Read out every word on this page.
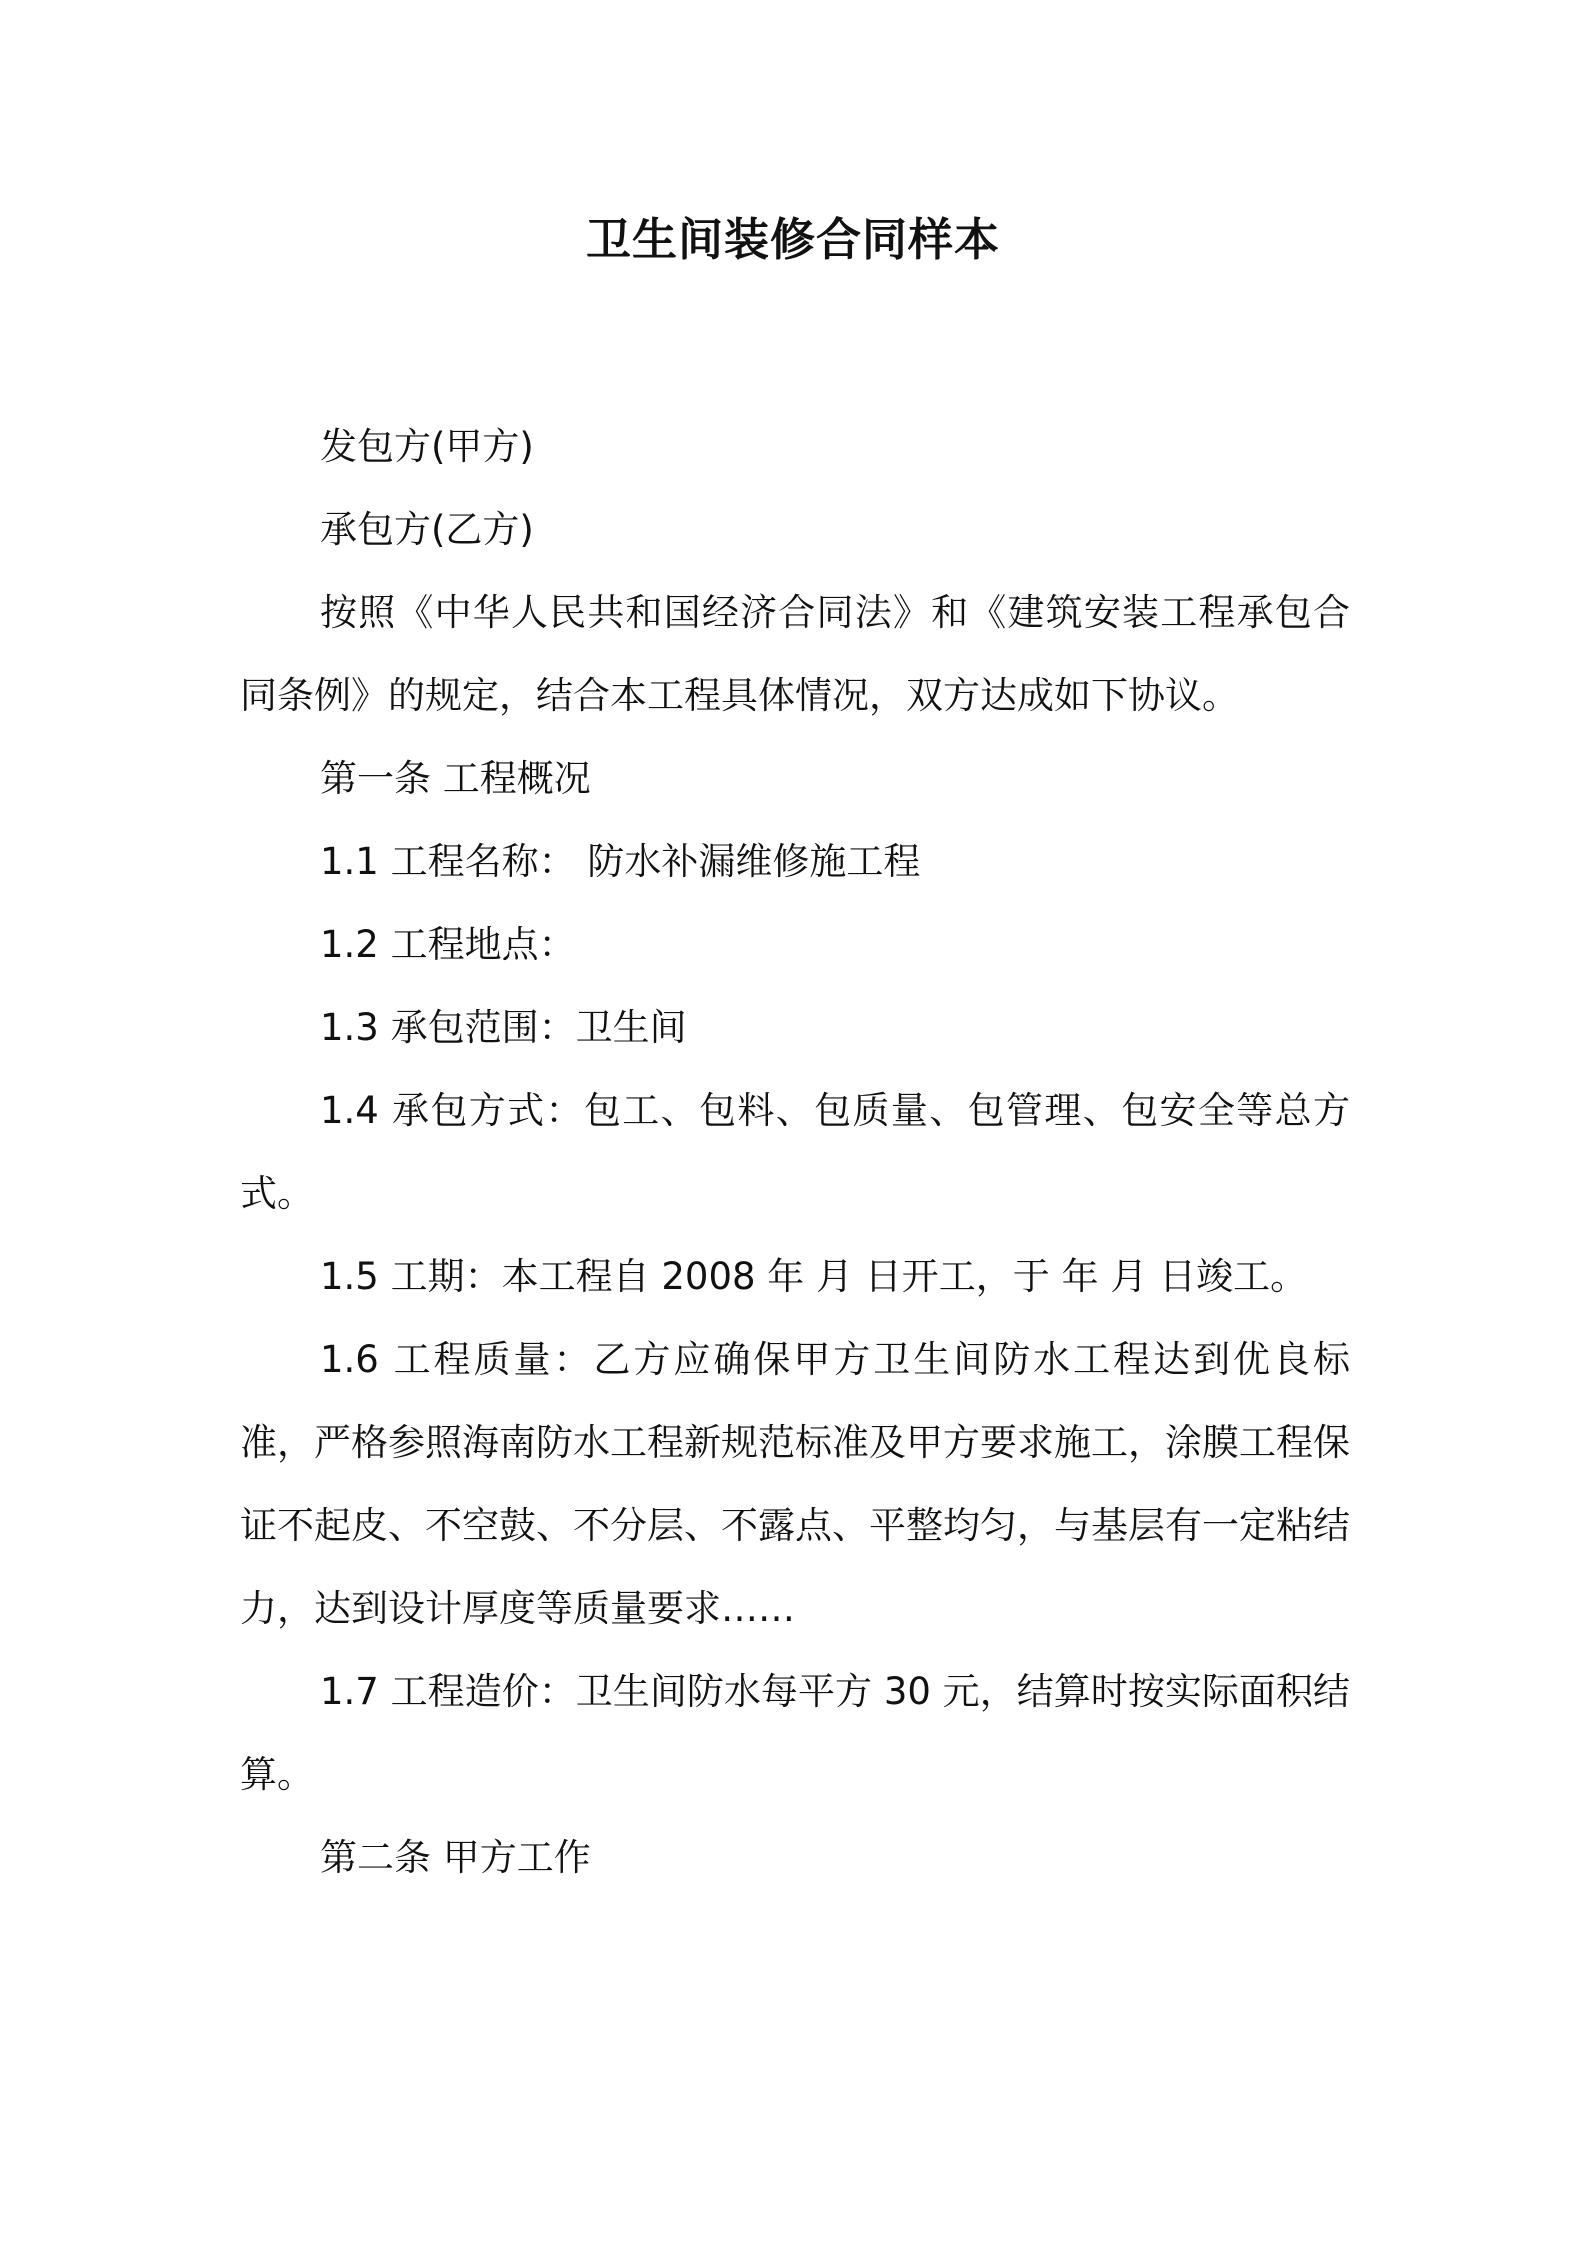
卫生间装修合同样本

发包方(甲方)

承包方(乙方)

按照《中华人民共和国经济合同法》和《建筑安装工程承包合同条例》的规定，结合本工程具体情况，双方达成如下协议。

第一条 工程概况

1.1 工程名称： 防水补漏维修施工程

1.2 工程地点：

1.3 承包范围：卫生间

1.4 承包方式：包工、包料、包质量、包管理、包安全等总方式。

1.5 工期：本工程自 2008 年 月 日开工，于 年 月 日竣工。

1.6 工程质量：乙方应确保甲方卫生间防水工程达到优良标准，严格参照海南防水工程新规范标准及甲方要求施工，涂膜工程保证不起皮、不空鼓、不分层、不露点、平整均匀，与基层有一定粘结力，达到设计厚度等质量要求……

1.7 工程造价：卫生间防水每平方 30 元，结算时按实际面积结算。

第二条 甲方工作
